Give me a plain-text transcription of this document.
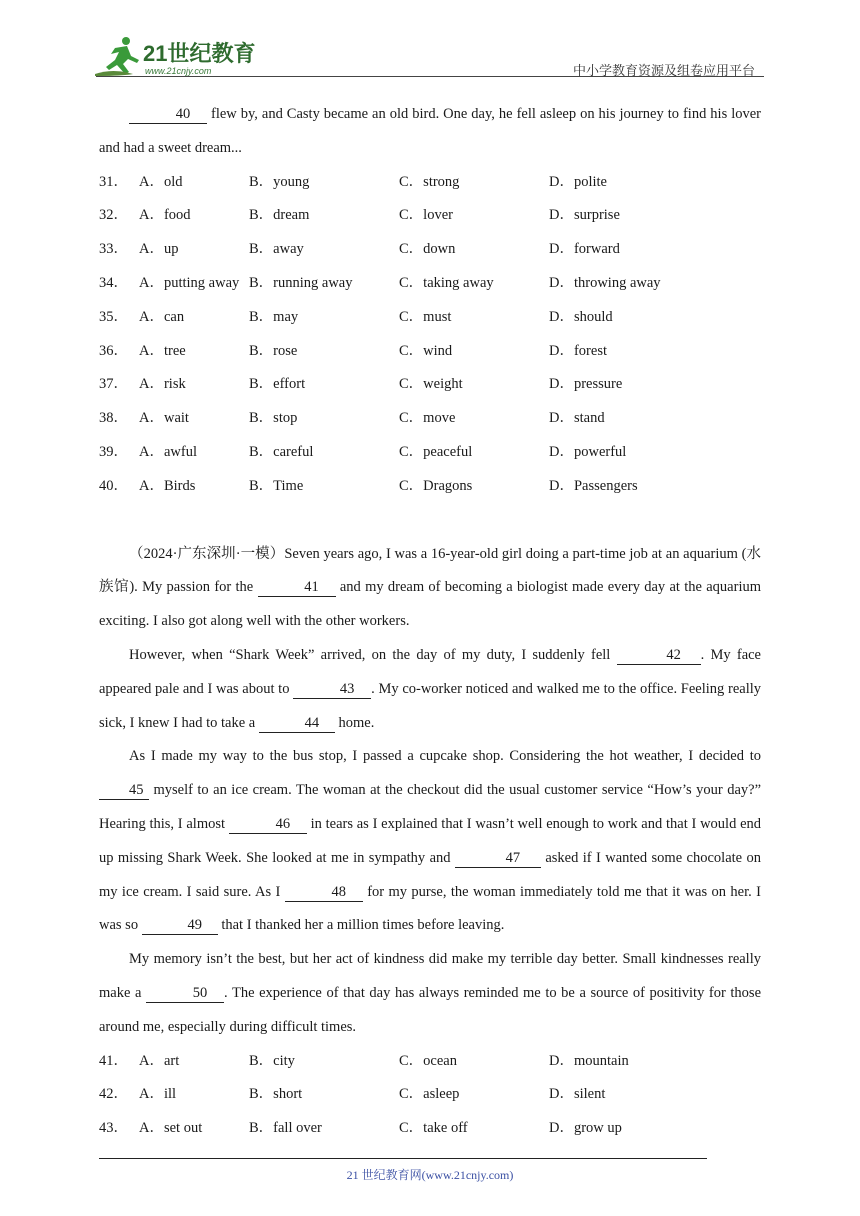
21世纪教育
www.21cnjy.com	中小学教育资源及组卷应用平台

40 flew by, and Casty became an old bird. One day, he fell asleep on his journey to find his lover and had a sweet dream...

31． A．old	B．young	C．strong	D．polite
32． A．food	B．dream	C．lover	D．surprise
33． A．up	B．away	C．down	D．forward
34． A．putting away B．running away	C．taking away	D．throwing away
35． A．can	B．may	C．must	D．should
36． A．tree	B．rose	C．wind	D．forest
37． A．risk	B．effort	C．weight	D．pressure
38． A．wait	B．stop	C．move	D．stand
39． A．awful	B．careful	C．peaceful	D．powerful
40． A．Birds	B．Time	C．Dragons	D．Passengers

（2024·广东深圳·一模）Seven years ago, I was a 16-year-old girl doing a part-time job at an aquarium (水族馆). My passion for the	41 and my dream of becoming a biologist made every day at the aquarium exciting. I also got along well with the other workers.

However, when “Shark Week” arrived, on the day of my duty, I suddenly fell	42 . My face appeared pale and I was about to	43 . My co-worker noticed and walked me to the office. Feeling really sick, I knew I had to take a	44 home.

As I made my way to the bus stop, I passed a cupcake shop. Considering the hot weather, I decided to 45 myself to an ice cream. The woman at the checkout did the usual customer service “How’s your day?” Hearing this, I almost	46 in tears as I explained that I wasn’t well enough to work and that I would end up missing Shark Week. She looked at me in sympathy and	47 asked if I wanted some chocolate on my ice cream. I said sure. As I	48 for my purse, the woman immediately told me that it was on her. I was so	49 that I thanked her a million times before leaving.

My memory isn’t the best, but her act of kindness did make my terrible day better. Small kindnesses really make a	50 . The experience of that day has always reminded me to be a source of positivity for those around me, especially during difficult times.

41． A．art	B．city	C．ocean	D．mountain
42． A．ill	B．short	C．asleep	D．silent
43． A．set out	B．fall over	C．take off	D．grow up
21 世纪教育网(www.21cnjy.com)
